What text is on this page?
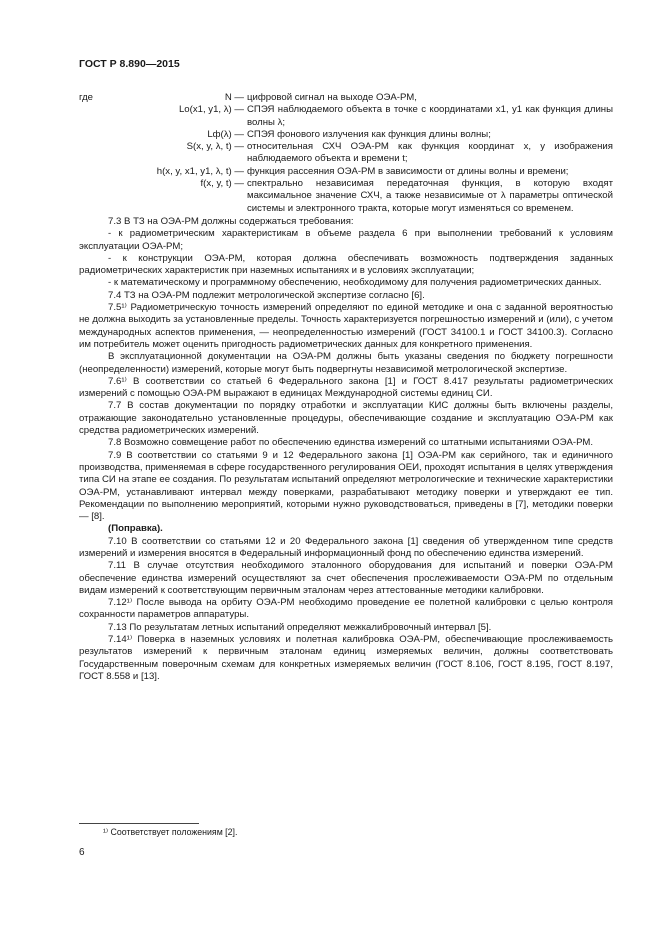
ГОСТ Р 8.890—2015
где	N — цифровой сигнал на выходе ОЭА-РМ,
Lo(x1, y1, λ) — СПЭЯ наблюдаемого объекта в точке с координатами x1, y1 как функция длины волны λ;
Lф(λ) — СПЭЯ фонового излучения как функция длины волны;
S(x, y, λ, t) — относительная СХЧ ОЭА-РМ как функция координат x, y изображения наблюдаемого объекта и времени t;
h(x, y, x1, y1, λ, t) — функция рассеяния ОЭА-РМ в зависимости от длины волны и времени;
f(x, y, t) — спектрально независимая передаточная функция, в которую входят максимальное значение СХЧ, а также независимые от λ параметры оптической системы и электронного тракта, которые могут изменяться со временем.

7.3 В ТЗ на ОЭА-РМ должны содержаться требования:

- к радиометрическим характеристикам в объеме раздела 6 при выполнении требований к условиям эксплуатации ОЭА-РМ;

- к конструкции ОЭА-РМ, которая должна обеспечивать возможность подтверждения заданных радиометрических характеристик при наземных испытаниях и в условиях эксплуатации;

- к математическому и программному обеспечению, необходимому для получения радиометрических данных.

7.4 ТЗ на ОЭА-РМ подлежит метрологической экспертизе согласно [6].

7.5¹⁾ Радиометрическую точность измерений определяют по единой методике и она с заданной вероятностью не должна выходить за установленные пределы. Точность характеризуется погрешностью измерений и (или), с учетом международных аспектов применения, — неопределенностью измерений (ГОСТ 34100.1 и ГОСТ 34100.3). Согласно им потребитель может оценить пригодность радиометрических данных для конкретного применения.

В эксплуатационной документации на ОЭА-РМ должны быть указаны сведения по бюджету погрешности (неопределенности) измерений, которые могут быть подвергнуты независимой метрологической экспертизе.

7.6¹⁾ В соответствии со статьей 6 Федерального закона [1] и ГОСТ 8.417 результаты радиометрических измерений с помощью ОЭА-РМ выражают в единицах Международной системы единиц СИ.

7.7 В состав документации по порядку отработки и эксплуатации КИС должны быть включены разделы, отражающие законодательно установленные процедуры, обеспечивающие создание и эксплуатацию ОЭА-РМ как средства радиометрических измерений.

7.8 Возможно совмещение работ по обеспечению единства измерений со штатными испытаниями ОЭА-РМ.

7.9 В соответствии со статьями 9 и 12 Федерального закона [1] ОЭА-РМ как серийного, так и единичного производства, применяемая в сфере государственного регулирования ОЕИ, проходят испытания в целях утверждения типа СИ на этапе ее создания. По результатам испытаний определяют метрологические и технические характеристики ОЭА-РМ, устанавливают интервал между поверками, разрабатывают методику поверки и утверждают ее тип. Рекомендации по выполнению мероприятий, которыми нужно руководствоваться, приведены в [7], методики поверки — [8].

(Поправка).

7.10 В соответствии со статьями 12 и 20 Федерального закона [1] сведения об утвержденном типе средств измерений и измерения вносятся в Федеральный информационный фонд по обеспечению единства измерений.

7.11 В случае отсутствия необходимого эталонного оборудования для испытаний и поверки ОЭА-РМ обеспечение единства измерений осуществляют за счет обеспечения прослеживаемости ОЭА-РМ по отдельным видам измерений к соответствующим первичным эталонам через аттестованные методики калибровки.

7.12¹⁾ После вывода на орбиту ОЭА-РМ необходимо проведение ее полетной калибровки с целью контроля сохранности параметров аппаратуры.

7.13 По результатам летных испытаний определяют межкалибровочный интервал [5].

7.14¹⁾ Поверка в наземных условиях и полетная калибровка ОЭА-РМ, обеспечивающие прослеживаемость результатов измерений к первичным эталонам единиц измеряемых величин, должны соответствовать Государственным поверочным схемам для конкретных измеряемых величин (ГОСТ 8.106, ГОСТ 8.195, ГОСТ 8.197, ГОСТ 8.558 и [13].

¹⁾ Соответствует положениям [2].
6
